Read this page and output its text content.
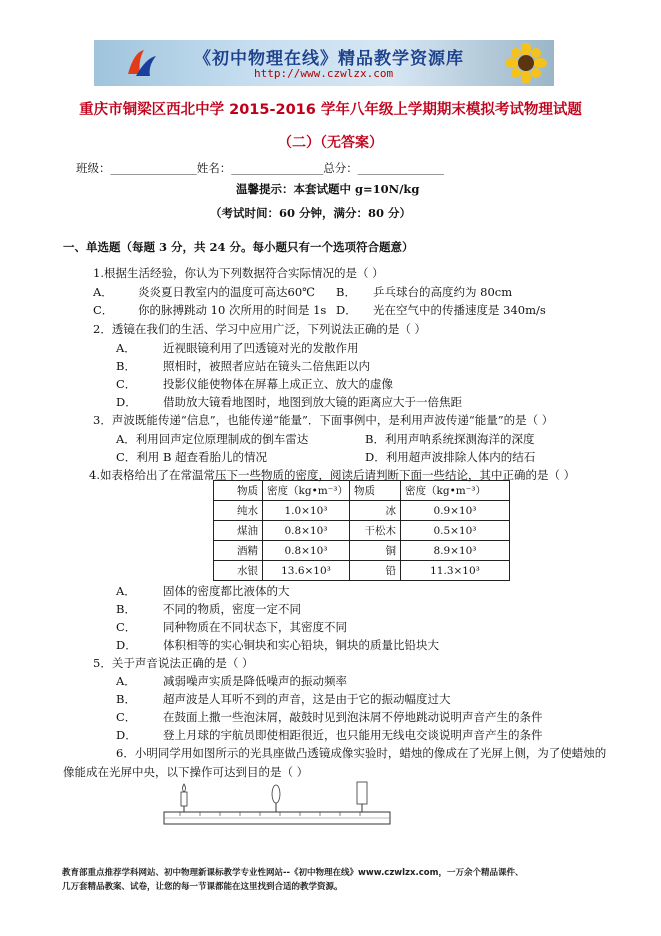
《初中物理在线》精品教学资源库
http://www.czwlzx.com
重庆市铜梁区西北中学 2015-2016 学年八年级上学期期末模拟考试物理试题
（二）（无答案）
班级：_______________姓名：________________总分：_______________
温馨提示：本套试题中 g=10N/kg
（考试时间：60 分钟，满分：80 分）
一、单选题（每题 3 分，共 24 分。每小题只有一个选项符合题意）
1.根据生活经验，你认为下列数据符合实际情况的是（ ）
A． 炎炎夏日教室内的温度可高达60℃ B． 乒乓球台的高度约为 80cm
C． 你的脉搏跳动 10 次所用的时间是 1s D． 光在空气中的传播速度是 340m/s
2．透镜在我们的生活、学习中应用广泛，下列说法正确的是（ ）
A． 近视眼镜利用了凹透镜对光的发散作用
B． 照相时，被照者应站在镜头二倍焦距以内
C． 投影仪能使物体在屏幕上成正立、放大的虚像
D． 借助放大镜看地图时，地图到放大镜的距离应大于一倍焦距
3．声波既能传递“信息”，也能传递“能量”．下面事例中，是利用声波传递“能量”的是（ ）
A．利用回声定位原理制成的倒车雷达	B．利用声呐系统探测海洋的深度
C．利用 B 超查看胎儿的情况	D．利用超声波排除人体内的结石
4.如表格给出了在常温常压下一些物质的密度，阅读后请判断下面一些结论，其中正确的是（ ）
物质	密度（kg•m⁻³）	物质	密度（kg•m⁻³）
纯水	1.0×10³	冰	0.9×10³
煤油	0.8×10³	干松木	0.5×10³
酒精	0.8×10³	铜	8.9×10³
水银	13.6×10³	铅	11.3×10³
A． 固体的密度都比液体的大
B． 不同的物质，密度一定不同
C． 同种物质在不同状态下，其密度不同
D． 体积相等的实心铜块和实心铅块，铜块的质量比铅块大
5．关于声音说法正确的是（ ）
A． 减弱噪声实质是降低噪声的振动频率
B． 超声波是人耳听不到的声音，这是由于它的振动幅度过大
C． 在鼓面上撒一些泡沫屑，敲鼓时见到泡沫屑不停地跳动说明声音产生的条件
D． 登上月球的宇航员即使相距很近，也只能用无线电交谈说明声音产生的条件
6．小明同学用如图所示的光具座做凸透镜成像实验时，蜡烛的像成在了光屏上侧，为了使蜡烛的
像能成在光屏中央，以下操作可达到目的是（ ）
教育部重点推荐学科网站、初中物理新课标教学专业性网站--《初中物理在线》www.czwlzx.com，一万余个精品课件、
几万套精品教案、试卷，让您的每一节课都能在这里找到合适的教学资源。
